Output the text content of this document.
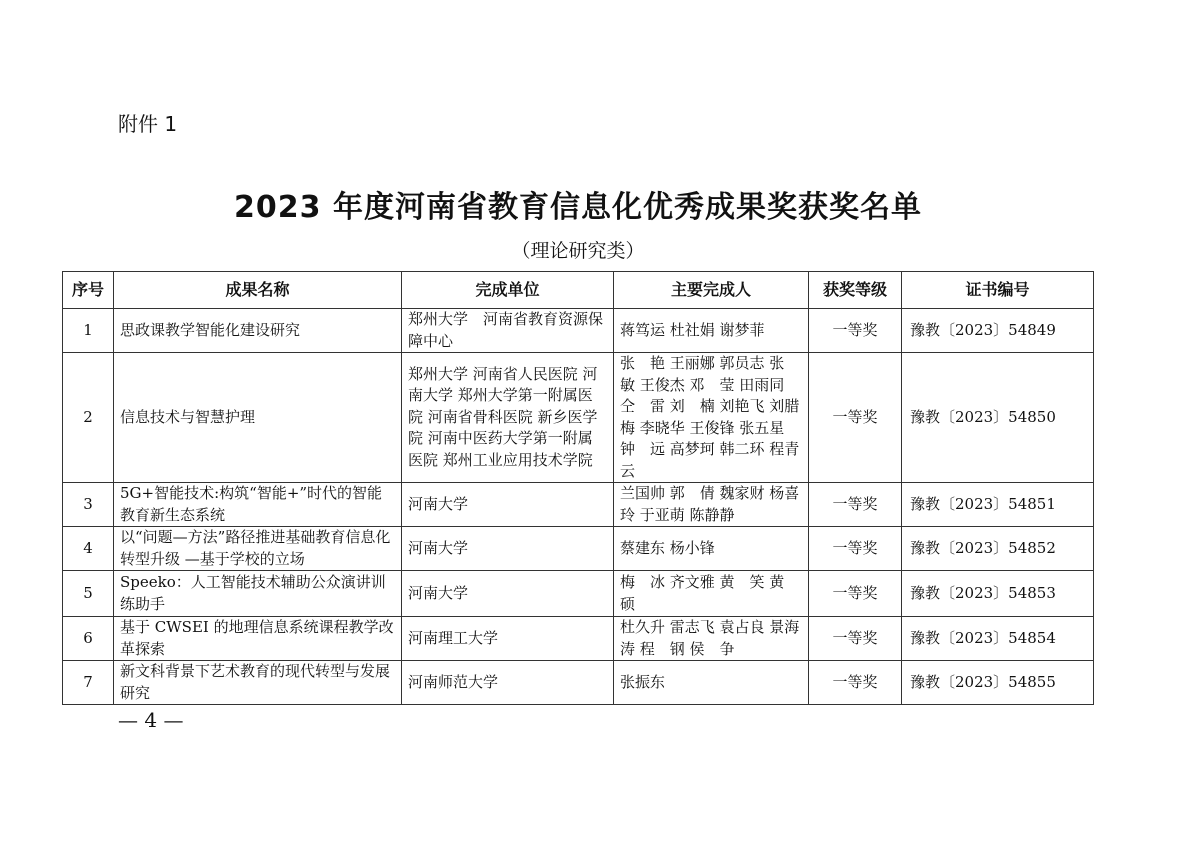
附件 1
2023 年度河南省教育信息化优秀成果奖获奖名单
（理论研究类）
序号	成果名称	完成单位	主要完成人	获奖等级	证书编号
1	思政课教学智能化建设研究	郑州大学　河南省教育资源保障中心	蒋笃运 杜社娟 谢梦菲	一等奖	豫教〔2023〕54849
2	信息技术与智慧护理	郑州大学 河南省人民医院 河南大学 郑州大学第一附属医院 河南省骨科医院 新乡医学院 河南中医药大学第一附属医院 郑州工业应用技术学院	张　艳 王丽娜 郭员志 张　敏 王俊杰 邓　莹 田雨同 仝　雷 刘　楠 刘艳飞 刘腊梅 李晓华 王俊锋 张五星 钟　远 高梦珂 韩二环 程青云	一等奖	豫教〔2023〕54850
3	5G+智能技术:构筑“智能+”时代的智能教育新生态系统	河南大学	兰国帅 郭　倩 魏家财 杨喜玲 于亚萌 陈静静	一等奖	豫教〔2023〕54851
4	以“问题—方法”路径推进基础教育信息化转型升级 —基于学校的立场	河南大学	蔡建东 杨小锋	一等奖	豫教〔2023〕54852
5	Speeko：人工智能技术辅助公众演讲训练助手	河南大学	梅　冰 齐文雅 黄　笑 黄　硕	一等奖	豫教〔2023〕54853
6	基于 CWSEI 的地理信息系统课程教学改革探索	河南理工大学	杜久升 雷志飞 袁占良 景海涛 程　钢 侯　争	一等奖	豫教〔2023〕54854
7	新文科背景下艺术教育的现代转型与发展研究	河南师范大学	张振东	一等奖	豫教〔2023〕54855
— 4 —
